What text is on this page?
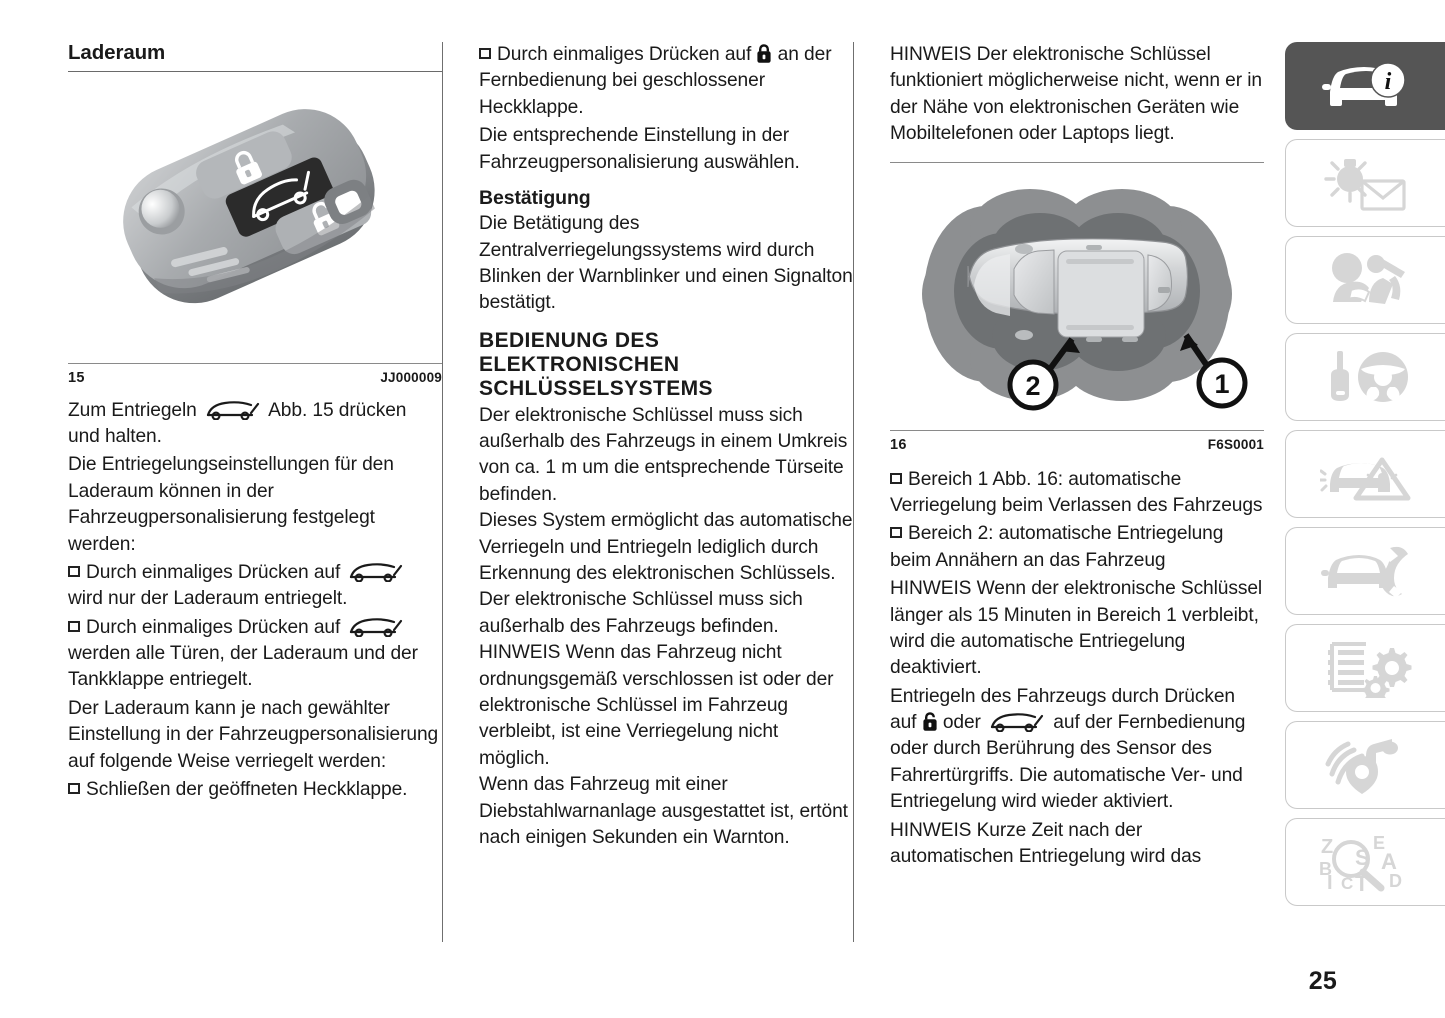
Laderaum
15	JJ000009

Zum Entriegeln	Abb. 15 drücken und halten.

Die Entriegelungseinstellungen für den Laderaum können in der Fahrzeugpersonalisierung festgelegt werden:

Durch einmaliges Drücken auf  wird nur der Laderaum entriegelt.

Durch einmaliges Drücken auf  werden alle Türen, der Laderaum und der Tankklappe entriegelt.

Der Laderaum kann je nach gewählter Einstellung in der Fahrzeugpersonalisierung auf folgende Weise verriegelt werden:

Schließen der geöffneten Heckklappe.

Durch einmaliges Drücken auf  an der Fernbedienung bei geschlossener Heckklappe.

Die entsprechende Einstellung in der Fahrzeugpersonalisierung auswählen.

Bestätigung

Die Betätigung des Zentralverriegelungssystems wird durch Blinken der Warnblinker und einen Signalton bestätigt.

BEDIENUNG DES ELEKTRONISCHEN SCHLÜSSELSYSTEMS

Der elektronische Schlüssel muss sich außerhalb des Fahrzeugs in einem Umkreis von ca. 1 m um die entsprechende Türseite befinden.

Dieses System ermöglicht das automatische Verriegeln und Entriegeln lediglich durch Erkennung des elektronischen Schlüssels. Der elektronische Schlüssel muss sich außerhalb des Fahrzeugs befinden.

HINWEIS Wenn das Fahrzeug nicht ordnungsgemäß verschlossen ist oder der elektronische Schlüssel im Fahrzeug verbleibt, ist eine Verriegelung nicht möglich.

Wenn das Fahrzeug mit einer Diebstahlwarnanlage ausgestattet ist, ertönt nach einigen Sekunden ein Warnton.

HINWEIS Der elektronische Schlüssel funktioniert möglicherweise nicht, wenn er in der Nähe von elektronischen Geräten wie Mobiltelefonen oder Laptops liegt.

2	1
16	F6S0001

Bereich 1 Abb. 16: automatische Verriegelung beim Verlassen des Fahrzeugs

Bereich 2: automatische Entriegelung beim Annähern an das Fahrzeug

HINWEIS Wenn der elektronische Schlüssel länger als 15 Minuten in Bereich 1 verbleibt, wird die automatische Entriegelung deaktiviert.

Entriegeln des Fahrzeugs durch Drücken auf  oder	auf der Fernbedienung oder durch Berührung des Sensor des Fahrertürgriffs. Die automatische Ver- und Entriegelung wird wieder aktiviert.

HINWEIS Kurze Zeit nach der automatischen Entriegelung wird das

i
Z E
S
B A
I C T D
25
